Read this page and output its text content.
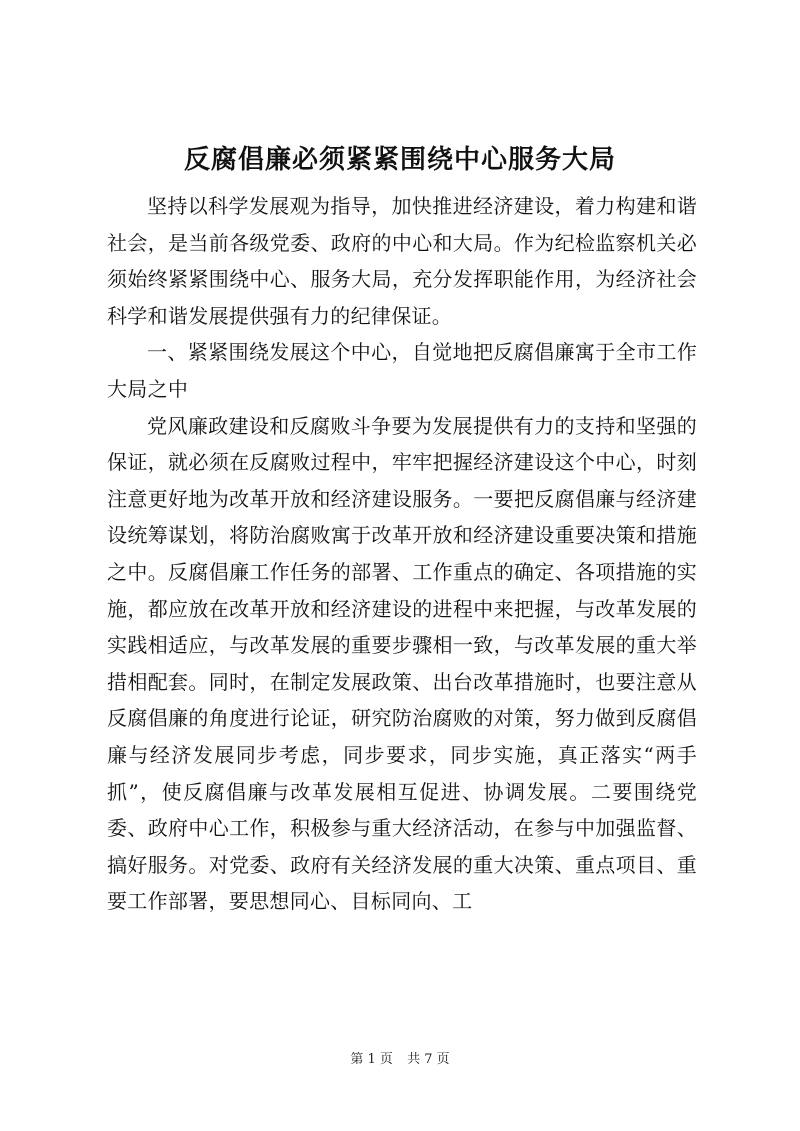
反腐倡廉必须紧紧围绕中心服务大局

坚持以科学发展观为指导，加快推进经济建设，着力构建和谐社会，是当前各级党委、政府的中心和大局。作为纪检监察机关必须始终紧紧围绕中心、服务大局，充分发挥职能作用，为经济社会科学和谐发展提供强有力的纪律保证。

一、紧紧围绕发展这个中心，自觉地把反腐倡廉寓于全市工作大局之中

党风廉政建设和反腐败斗争要为发展提供有力的支持和坚强的保证，就必须在反腐败过程中，牢牢把握经济建设这个中心，时刻注意更好地为改革开放和经济建设服务。一要把反腐倡廉与经济建设统筹谋划，将防治腐败寓于改革开放和经济建设重要决策和措施之中。反腐倡廉工作任务的部署、工作重点的确定、各项措施的实施，都应放在改革开放和经济建设的进程中来把握，与改革发展的实践相适应，与改革发展的重要步骤相一致，与改革发展的重大举措相配套。同时，在制定发展政策、出台改革措施时，也要注意从反腐倡廉的角度进行论证，研究防治腐败的对策，努力做到反腐倡廉与经济发展同步考虑，同步要求，同步实施，真正落实“两手抓”，使反腐倡廉与改革发展相互促进、协调发展。二要围绕党委、政府中心工作，积极参与重大经济活动，在参与中加强监督、搞好服务。对党委、政府有关经济发展的重大决策、重点项目、重要工作部署，要思想同心、目标同向、工

第 1 页 共 7 页
